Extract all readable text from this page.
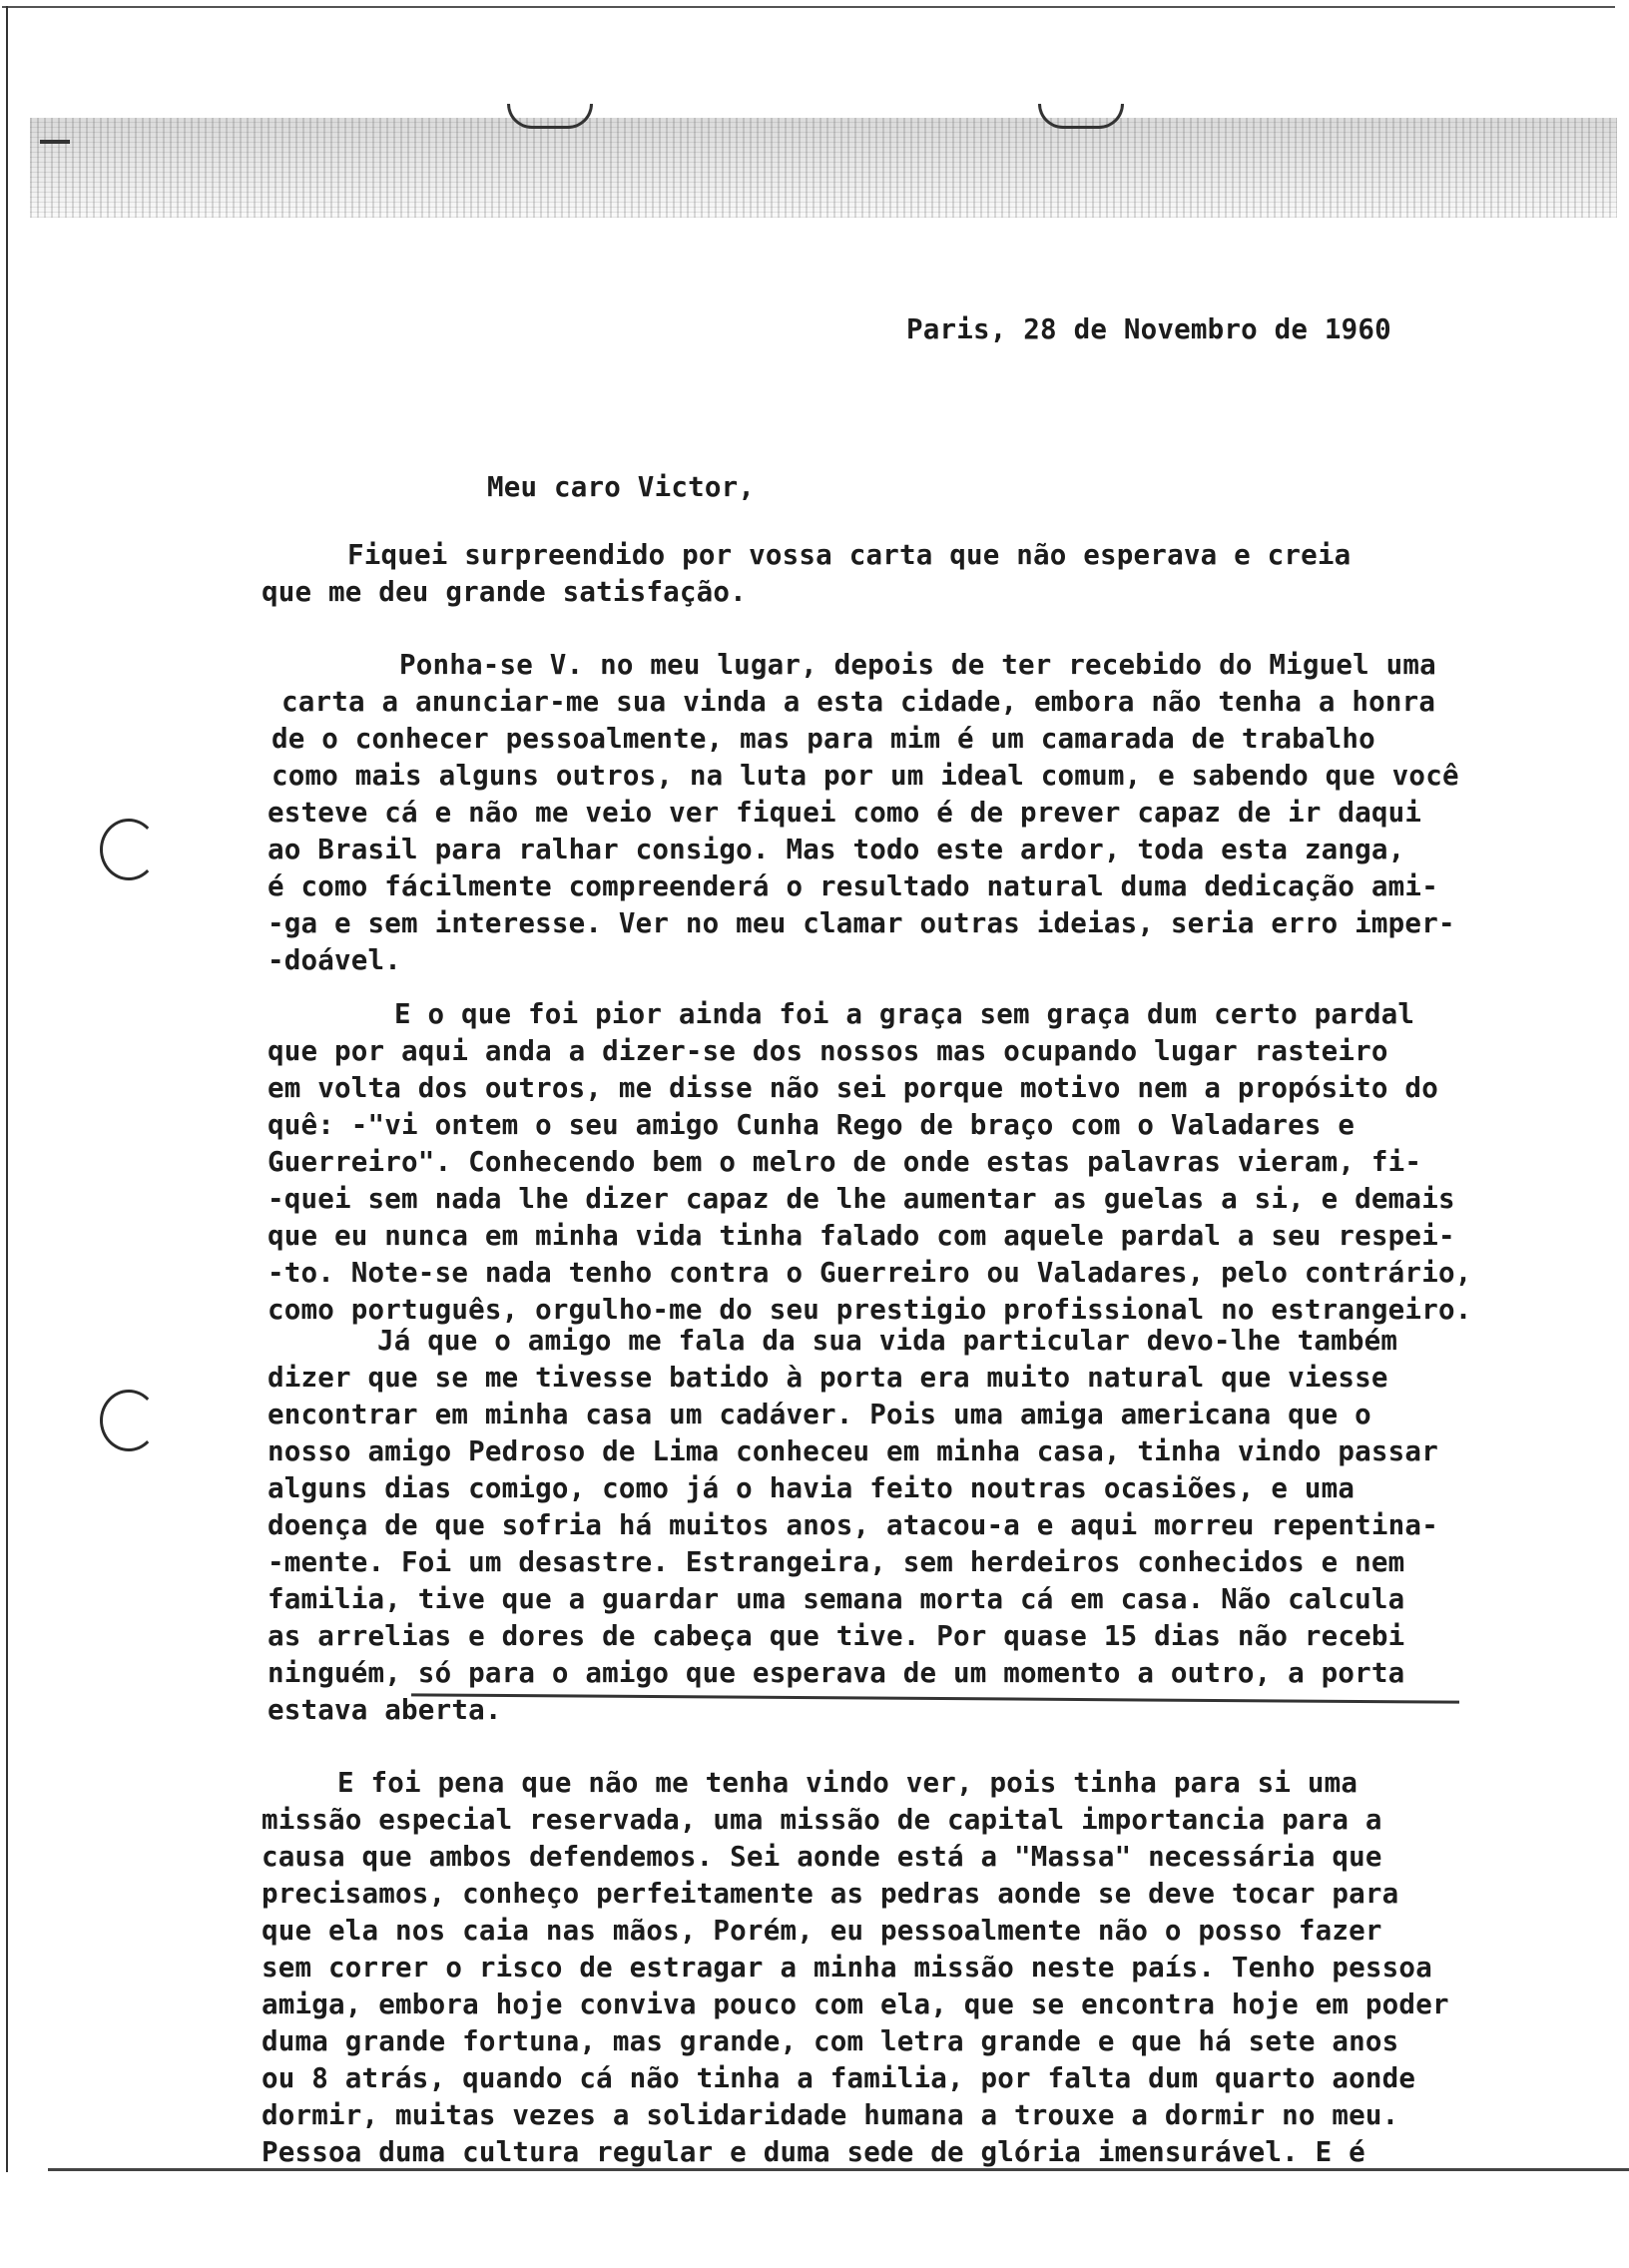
Paris, 28 de Novembro de 1960

Meu caro Victor,

Fiquei surpreendido por vossa carta que não esperava e creia

que me deu grande satisfação.

Ponha-se V. no meu lugar, depois de ter recebido do Miguel uma

carta a anunciar-me sua vinda a esta cidade, embora não tenha a honra

de o conhecer pessoalmente, mas para mim é um camarada de trabalho

como mais alguns outros, na luta por um ideal comum, e sabendo que você

esteve cá e não me veio ver fiquei como é de prever capaz de ir daqui

ao Brasil para ralhar consigo. Mas todo este ardor, toda esta zanga,

é como fácilmente compreenderá o resultado natural duma dedicação ami-

-ga e sem interesse. Ver no meu clamar outras ideias, seria erro imper-

-doável.

E o que foi pior ainda foi a graça sem graça dum certo pardal

que por aqui anda a dizer-se dos nossos mas ocupando lugar rasteiro

em volta dos outros, me disse não sei porque motivo nem a propósito do

quê: -"vi ontem o seu amigo Cunha Rego de braço com o Valadares e

Guerreiro". Conhecendo bem o melro de onde estas palavras vieram, fi-

-quei sem nada lhe dizer capaz de lhe aumentar as guelas a si, e demais

que eu nunca em minha vida tinha falado com aquele pardal a seu respei-

-to. Note-se nada tenho contra o Guerreiro ou Valadares, pelo contrário,

como português, orgulho-me do seu prestigio profissional no estrangeiro.

Já que o amigo me fala da sua vida particular devo-lhe também

dizer que se me tivesse batido à porta era muito natural que viesse

encontrar em minha casa um cadáver. Pois uma amiga americana que o

nosso amigo Pedroso de Lima conheceu em minha casa, tinha vindo passar

alguns dias comigo, como já o havia feito noutras ocasiões, e uma

doença de que sofria há muitos anos, atacou-a e aqui morreu repentina-

-mente. Foi um desastre. Estrangeira, sem herdeiros conhecidos e nem

familia, tive que a guardar uma semana morta cá em casa. Não calcula

as arrelias e dores de cabeça que tive. Por quase 15 dias não recebi

ninguém, só para o amigo que esperava de um momento a outro, a porta

estava aberta.

E foi pena que não me tenha vindo ver, pois tinha para si uma

missão especial reservada, uma missão de capital importancia para a

causa que ambos defendemos. Sei aonde está a "Massa" necessária que

precisamos, conheço perfeitamente as pedras aonde se deve tocar para

que ela nos caia nas mãos, Porém, eu pessoalmente não o posso fazer

sem correr o risco de estragar a minha missão neste país. Tenho pessoa

amiga, embora hoje conviva pouco com ela, que se encontra hoje em poder

duma grande fortuna, mas grande, com letra grande e que há sete anos

ou 8 atrás, quando cá não tinha a familia, por falta dum quarto aonde

dormir, muitas vezes a solidaridade humana a trouxe a dormir no meu.

Pessoa duma cultura regular e duma sede de glória imensurável. E é
